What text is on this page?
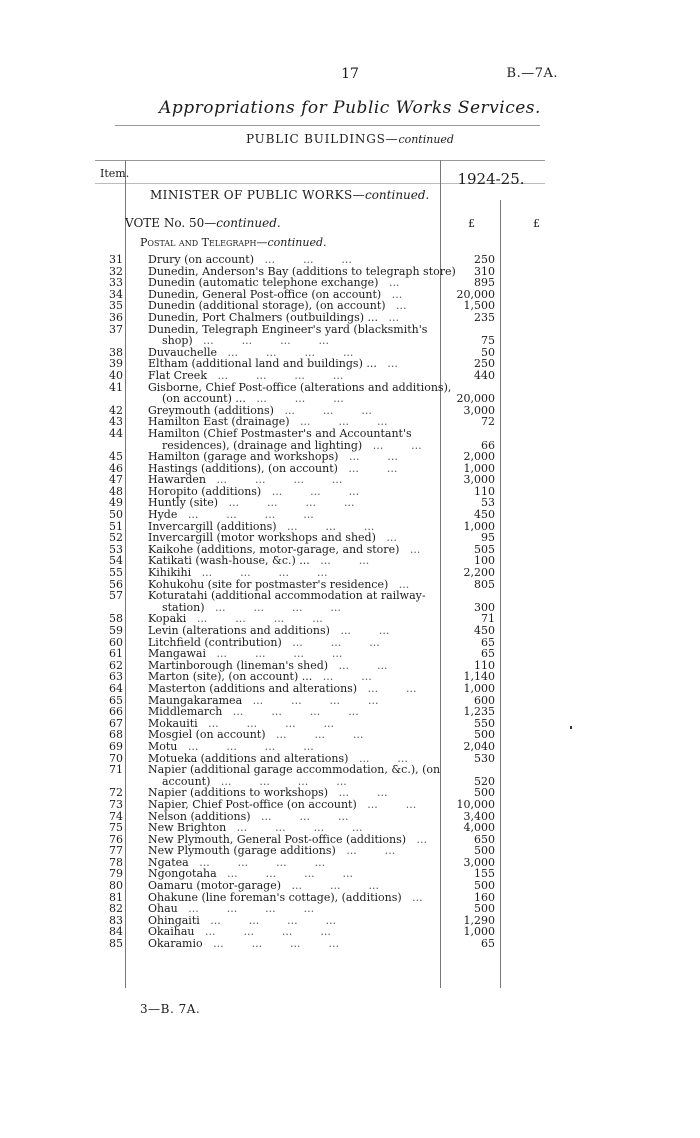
17	B.—7A.
Appropriations for Public Works Services.
PUBLIC BUILDINGS—continued
Item.	1924-25.
MINISTER OF PUBLIC WORKS—continued.
VOTE No. 50—continued.	£	£
Postal and Telegraph—continued.
31 Drury (on account)   ...        ...        ...	250
32 Dunedin, Anderson's Bay (additions to telegraph store) 310
33 Dunedin (automatic telephone exchange)   ...	895
34 Dunedin, General Post-office (on account)   ...	20,000
35 Dunedin (additional storage), (on account)   ...	1,500
36 Dunedin, Port Chalmers (outbuildings) ...   ...	235
37 Dunedin, Telegraph Engineer's yard (blacksmith's
shop)   ...        ...        ...        ...	75
38 Duvauchelle   ...        ...        ...        ...	50
39 Eltham (additional land and buildings) ...   ...	250
40 Flat Creek   ...        ...        ...        ...	440
41 Gisborne, Chief Post-office (alterations and additions),
(on account) ...   ...        ...        ...	20,000
42 Greymouth (additions)   ...        ...        ...	3,000
43 Hamilton East (drainage)   ...        ...        ...	72
44 Hamilton (Chief Postmaster's and Accountant's
residences), (drainage and lighting)   ...        ...	66
45 Hamilton (garage and workshops)   ...        ...	2,000
46 Hastings (additions), (on account)   ...        ...	1,000
47 Hawarden   ...        ...        ...        ...	3,000
48 Horopito (additions)   ...        ...        ...	110
49 Huntly (site)   ...        ...        ...        ...	53
50 Hyde   ...        ...        ...        ...	450
51 Invercargill (additions)   ...        ...        ...	1,000
52 Invercargill (motor workshops and shed)   ...	95
53 Kaikohe (additions, motor-garage, and store)   ...	505
54 Katikati (wash-house, &c.) ...   ...        ...	100
55 Kihikihi   ...        ...        ...        ...	2,200
56 Kohukohu (site for postmaster's residence)   ...	805
57 Koturatahi (additional accommodation at railway-
station)   ...        ...        ...        ...	300
58 Kopaki   ...        ...        ...        ...	71
59 Levin (alterations and additions)   ...        ...	450
60 Litchfield (contribution)   ...        ...        ...	65
61 Mangawai   ...        ...        ...        ...	65
62 Martinborough (lineman's shed)   ...        ...	110
63 Marton (site), (on account) ...   ...        ...	1,140
64 Masterton (additions and alterations)   ...        ...	1,000
65 Maungakaramea   ...        ...        ...        ...	600
66 Middlemarch   ...        ...        ...        ...	1,235
67 Mokauiti   ...        ...        ...        ...	550
68 Mosgiel (on account)   ...        ...        ...	500
69 Motu   ...        ...        ...        ...	2,040
70 Motueka (additions and alterations)   ...        ...	530
71 Napier (additional garage accommodation, &c.), (on
account)   ...        ...        ...        ...	520
72 Napier (additions to workshops)   ...        ...	500
73 Napier, Chief Post-office (on account)   ...        ...	10,000
74 Nelson (additions)   ...        ...        ...	3,400
75 New Brighton   ...        ...        ...        ...	4,000
76 New Plymouth, General Post-office (additions)   ...	650
77 New Plymouth (garage additions)   ...        ...	500
78 Ngatea   ...        ...        ...        ...	3,000
79 Ngongotaha   ...        ...        ...        ...	155
80 Oamaru (motor-garage)   ...        ...        ...	500
81 Ohakune (line foreman's cottage), (additions)   ...	160
82 Ohau   ...        ...        ...        ...	500
83 Ohingaiti   ...        ...        ...        ...	1,290
84 Okaihau   ...        ...        ...        ...	1,000
85 Okaramio   ...        ...        ...        ...	65
3—B. 7A.
